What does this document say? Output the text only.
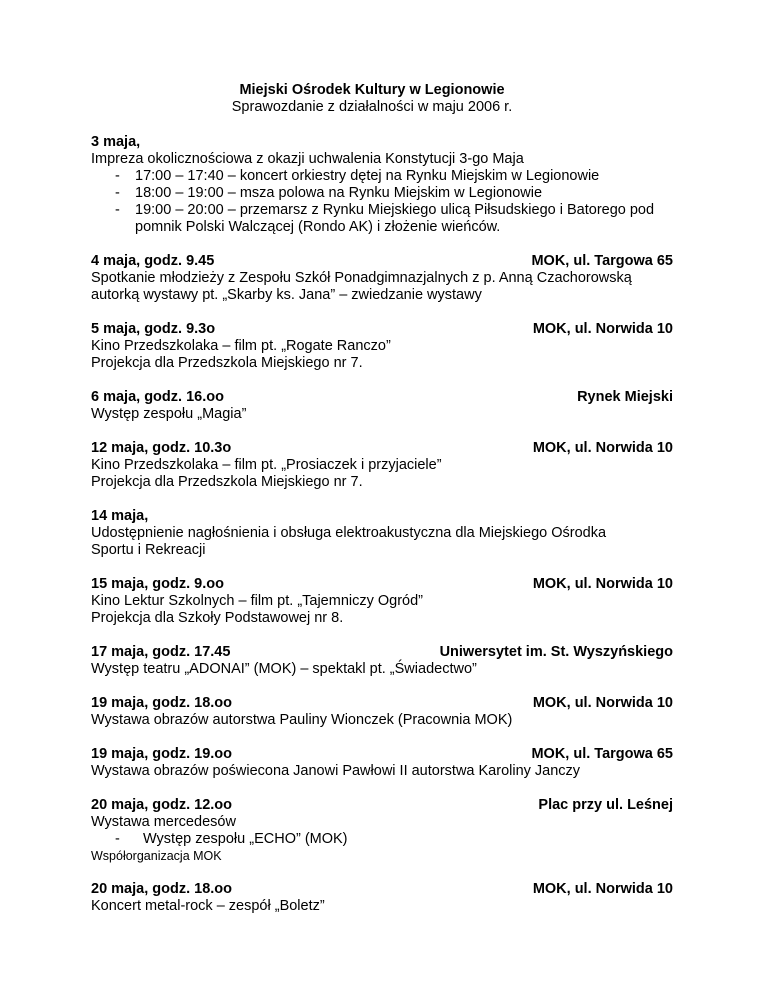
Miejski Ośrodek Kultury w Legionowie
Sprawozdanie z działalności w maju 2006 r.
3 maja,
Impreza okolicznościowa z okazji uchwalenia Konstytucji 3-go Maja
- 17:00 – 17:40 – koncert orkiestry dętej na Rynku Miejskim w Legionowie
- 18:00 – 19:00 – msza polowa na Rynku Miejskim w Legionowie
- 19:00 – 20:00 – przemarsz z Rynku Miejskiego ulicą Piłsudskiego i Batorego pod pomnik Polski Walczącej (Rondo AK) i złożenie wieńców.
4 maja, godz. 9.45	MOK, ul. Targowa 65
Spotkanie młodzieży z Zespołu Szkół Ponadgimnazjalnych z p. Anną Czachorowską
autorką wystawy pt. „Skarby ks. Jana” – zwiedzanie wystawy
5 maja, godz. 9.3o	MOK, ul. Norwida 10
Kino Przedszkolaka – film pt. „Rogate Ranczo”
Projekcja dla Przedszkola Miejskiego nr 7.
6 maja, godz. 16.oo	Rynek Miejski
Występ zespołu „Magia”
12 maja, godz. 10.3o	MOK, ul. Norwida 10
Kino Przedszkolaka – film pt. „Prosiaczek i przyjaciele”
Projekcja dla Przedszkola Miejskiego nr 7.
14 maja,
Udostępnienie nagłośnienia i obsługa elektroakustyczna dla Miejskiego Ośrodka
Sportu i Rekreacji
15 maja, godz. 9.oo	MOK, ul. Norwida 10
Kino Lektur Szkolnych – film pt. „Tajemniczy Ogród”
Projekcja dla Szkoły Podstawowej nr 8.
17 maja, godz. 17.45	Uniwersytet im. St. Wyszyńskiego
Występ teatru „ADONAI” (MOK) – spektakl pt. „Świadectwo”
19 maja, godz. 18.oo	MOK, ul. Norwida 10
Wystawa obrazów autorstwa Pauliny Wionczek (Pracownia MOK)
19 maja, godz. 19.oo	MOK, ul. Targowa 65
Wystawa obrazów poświecona Janowi Pawłowi II autorstwa Karoliny Janczy
20 maja, godz. 12.oo	Plac przy ul. Leśnej
Wystawa mercedesów
- Występ zespołu „ECHO” (MOK)
Współorganizacja MOK
20 maja, godz. 18.oo	MOK, ul. Norwida 10
Koncert metal-rock – zespół „Boletz”
